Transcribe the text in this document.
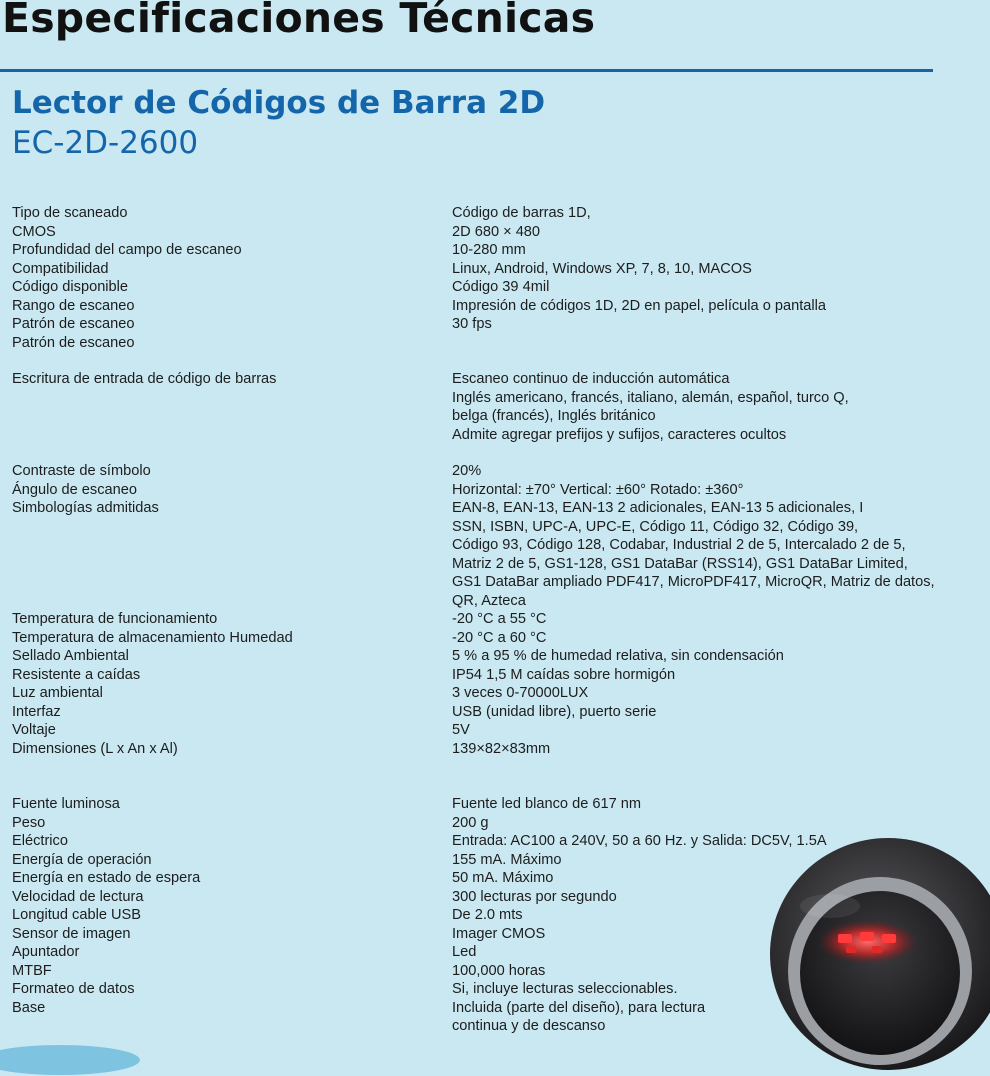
Especificaciones Técnicas
Lector de Códigos de Barra 2D
EC-2D-2600
Tipo de scaneado
CMOS
Profundidad del campo de escaneo
Compatibilidad
Código disponible
Rango de escaneo
Patrón de escaneo
Patrón de escaneo
Código de barras 1D,
2D 680 × 480
10-280 mm
Linux, Android, Windows XP, 7, 8, 10, MACOS
Código 39 4mil
Impresión de códigos 1D, 2D en papel, película o pantalla
30 fps
Escritura de entrada de código de barras	Escaneo continuo de inducción automática
Inglés americano, francés, italiano, alemán, español, turco Q,
belga (francés), Inglés británico
Admite agregar prefijos y sufijos, caracteres ocultos
Contraste de símbolo
Ángulo de escaneo
Simbologías admitidas
Temperatura de funcionamiento
Temperatura de almacenamiento Humedad
Sellado Ambiental
Resistente a caídas
Luz ambiental
Interfaz
Voltaje
Dimensiones (L x An x Al)
20%
Horizontal: ±70° Vertical: ±60° Rotado: ±360°
EAN-8, EAN-13, EAN-13 2 adicionales, EAN-13 5 adicionales, I
SSN, ISBN, UPC-A, UPC-E, Código 11, Código 32, Código 39,
Código 93, Código 128, Codabar, Industrial 2 de 5, Intercalado 2 de 5,
Matriz 2 de 5, GS1-128, GS1 DataBar (RSS14), GS1 DataBar Limited,
GS1 DataBar ampliado PDF417, MicroPDF417, MicroQR, Matriz de datos,
QR, Azteca
-20 °C a 55 °C
-20 °C a 60 °C
5 % a 95 % de humedad relativa, sin condensación
IP54 1,5 M caídas sobre hormigón
3 veces 0-70000LUX
USB (unidad libre), puerto serie
5V
139×82×83mm
Fuente luminosa
Peso
Eléctrico
Energía de operación
Energía en estado de espera
Velocidad de lectura
Longitud cable USB
Sensor de imagen
Apuntador
MTBF
Formateo de datos
Base
Fuente led blanco de 617 nm
200 g
Entrada: AC100 a 240V, 50 a 60 Hz. y Salida: DC5V, 1.5A
155 mA. Máximo
50 mA. Máximo
300 lecturas por segundo
De 2.0 mts
Imager CMOS
Led
100,000 horas
Si, incluye lecturas seleccionables.
Incluida (parte del diseño), para lectura
continua y de descanso
